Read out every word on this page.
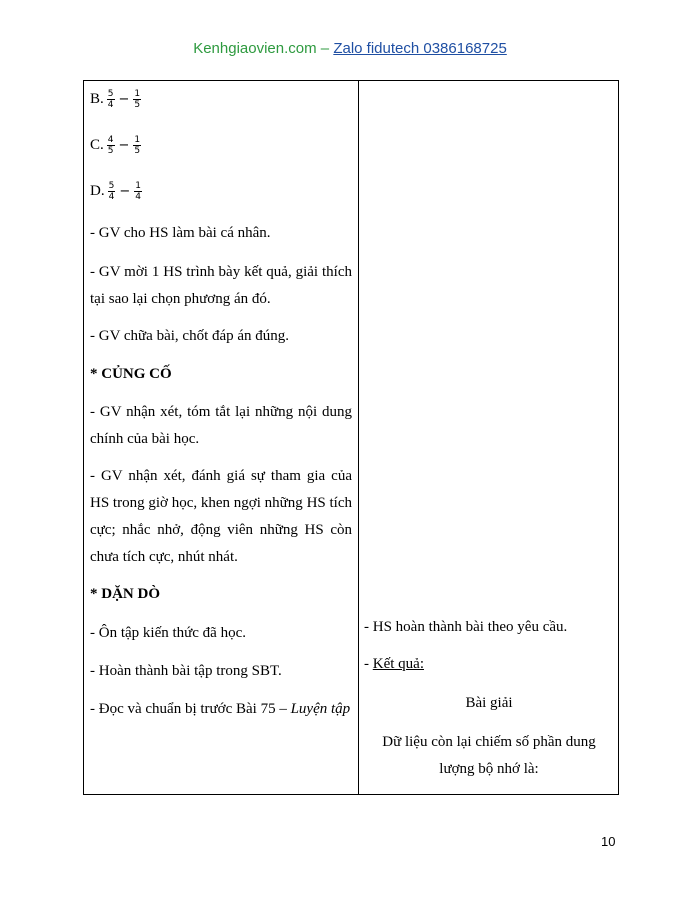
Kenhgiaovien.com – Zalo fidutech 0386168725
B. $\frac{5}{4} - \frac{1}{5}$
C. $\frac{4}{5} - \frac{1}{5}$
D. $\frac{5}{4} - \frac{1}{4}$
- GV cho HS làm bài cá nhân.
- GV mời 1 HS trình bày kết quả, giải thích tại sao lại chọn phương án đó.
- GV chữa bài, chốt đáp án đúng.
* CỦNG CỐ
- GV nhận xét, tóm tắt lại những nội dung chính của bài học.
- GV nhận xét, đánh giá sự tham gia của HS trong giờ học, khen ngợi những HS tích cực; nhắc nhở, động viên những HS còn chưa tích cực, nhút nhát.
* DẶN DÒ
- Ôn tập kiến thức đã học.
- Hoàn thành bài tập trong SBT.
- Đọc và chuẩn bị trước Bài 75 – Luyện tập
- HS hoàn thành bài theo yêu cầu.
- Kết quả:
Bài giải
Dữ liệu còn lại chiếm số phần dung lượng bộ nhớ là:
10
